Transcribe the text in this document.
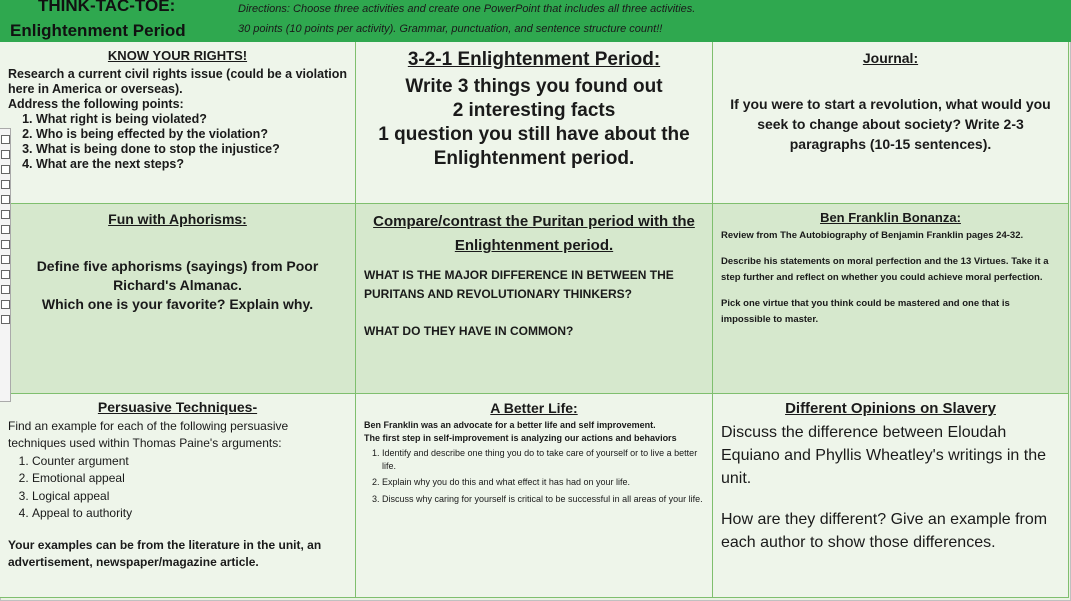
THINK-TAC-TOE:
Enlightenment Period
Directions: Choose three activities and create one PowerPoint that includes all three activities.
30 points (10 points per activity). Grammar, punctuation, and sentence structure count!!
KNOW YOUR RIGHTS!

Research a current civil rights issue (could be a violation here in America or overseas).

Address the following points:

1. What right is being violated?
2. Who is being effected by the violation?
3. What is being done to stop the injustice?
4. What are the next steps?
3-2-1 Enlightenment Period:
Write 3 things you found out
2 interesting facts
1 question you still have about the Enlightenment period.
Journal:
If you were to start a revolution, what would you seek to change about society? Write 2-3 paragraphs (10-15 sentences).
Fun with Aphorisms:
Define five aphorisms (sayings) from Poor Richard's Almanac.
Which one is your favorite? Explain why.
Compare/contrast the Puritan period with the Enlightenment period.

WHAT IS THE MAJOR DIFFERENCE IN BETWEEN THE PURITANS AND REVOLUTIONARY THINKERS?

WHAT DO THEY HAVE IN COMMON?

Ben Franklin Bonanza:

Review from The Autobiography of Benjamin Franklin pages 24-32.

Describe his statements on moral perfection and the 13 Virtues. Take it a step further and reflect on whether you could achieve moral perfection.

Pick one virtue that you think could be mastered and one that is impossible to master.

Persuasive Techniques-

Find an example for each of the following persuasive techniques used within Thomas Paine's arguments:

1. Counter argument
2. Emotional appeal
3. Logical appeal
4. Appeal to authority

Your examples can be from the literature in the unit, an advertisement, newspaper/magazine article.

A Better Life:

Ben Franklin was an advocate for a better life and self improvement.

The first step in self-improvement is analyzing our actions and behaviors

1. Identify and describe one thing you do to take care of yourself or to live a better life.
2. Explain why you do this and what effect it has had on your life.
3. Discuss why caring for yourself is critical to be successful in all areas of your life.
Different Opinions on Slavery

Discuss the difference between Eloudah Equiano and Phyllis Wheatley's writings in the unit.

How are they different? Give an example from each author to show those differences.
